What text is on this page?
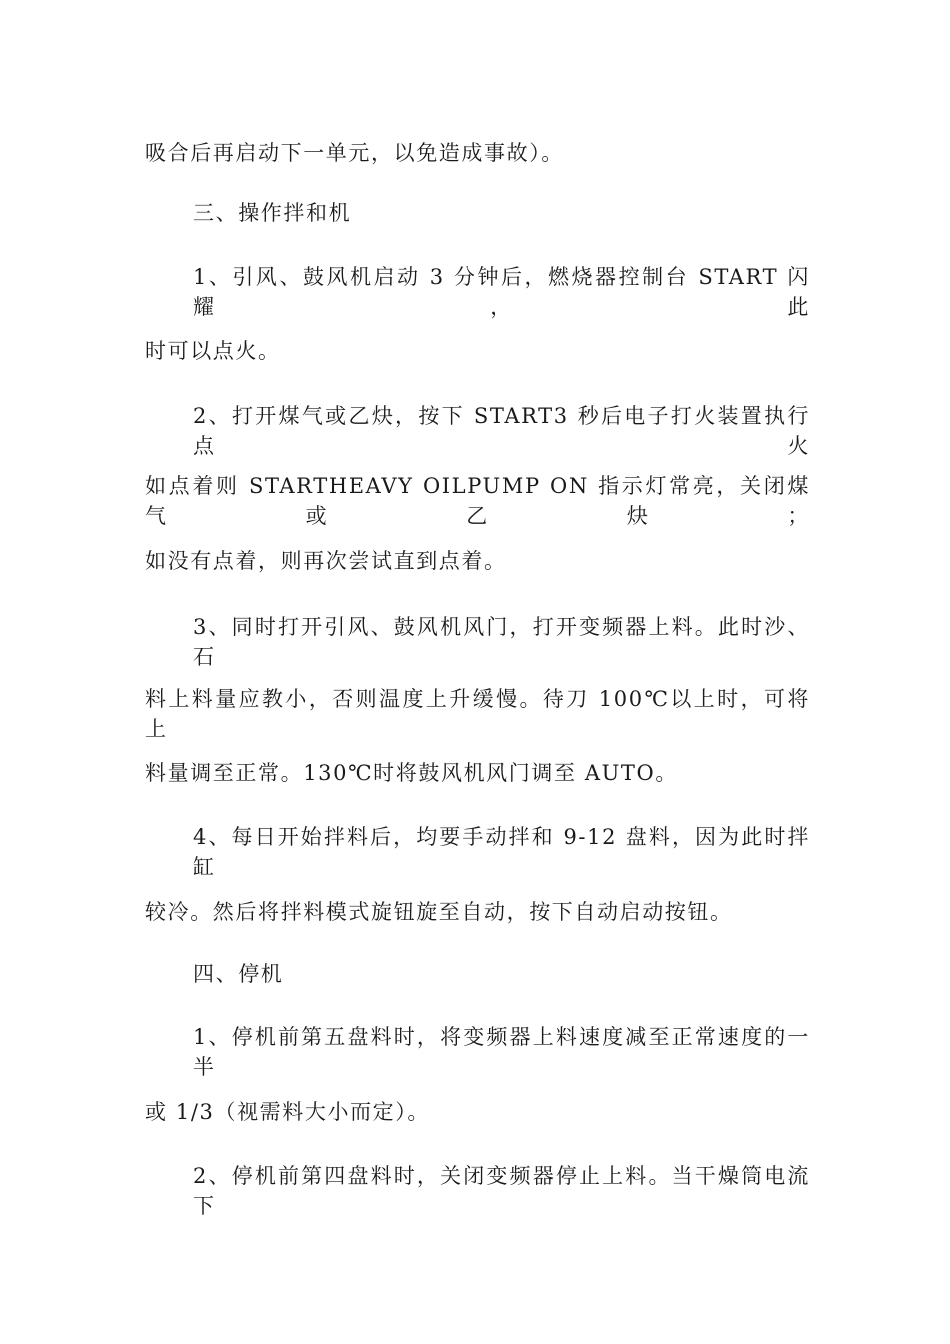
吸合后再启动下一单元，以免造成事故）。
三、操作拌和机
1、引风、鼓风机启动 3 分钟后，燃烧器控制台 START 闪耀，此
时可以点火。
2、打开煤气或乙炔，按下 START3 秒后电子打火装置执行点火
如点着则 STARTHEAVY OILPUMP ON 指示灯常亮，关闭煤气或乙炔；
如没有点着，则再次尝试直到点着。
3、同时打开引风、鼓风机风门，打开变频器上料。此时沙、石
料上料量应教小，否则温度上升缓慢。待刀 100℃以上时，可将上
料量调至正常。130℃时将鼓风机风门调至 AUTO。
4、每日开始拌料后，均要手动拌和 9-12 盘料，因为此时拌缸
较冷。然后将拌料模式旋钮旋至自动，按下自动启动按钮。
四、停机
1、停机前第五盘料时，将变频器上料速度减至正常速度的一半
或 1/3（视需料大小而定）。
2、停机前第四盘料时，关闭变频器停止上料。当干燥筒电流下
